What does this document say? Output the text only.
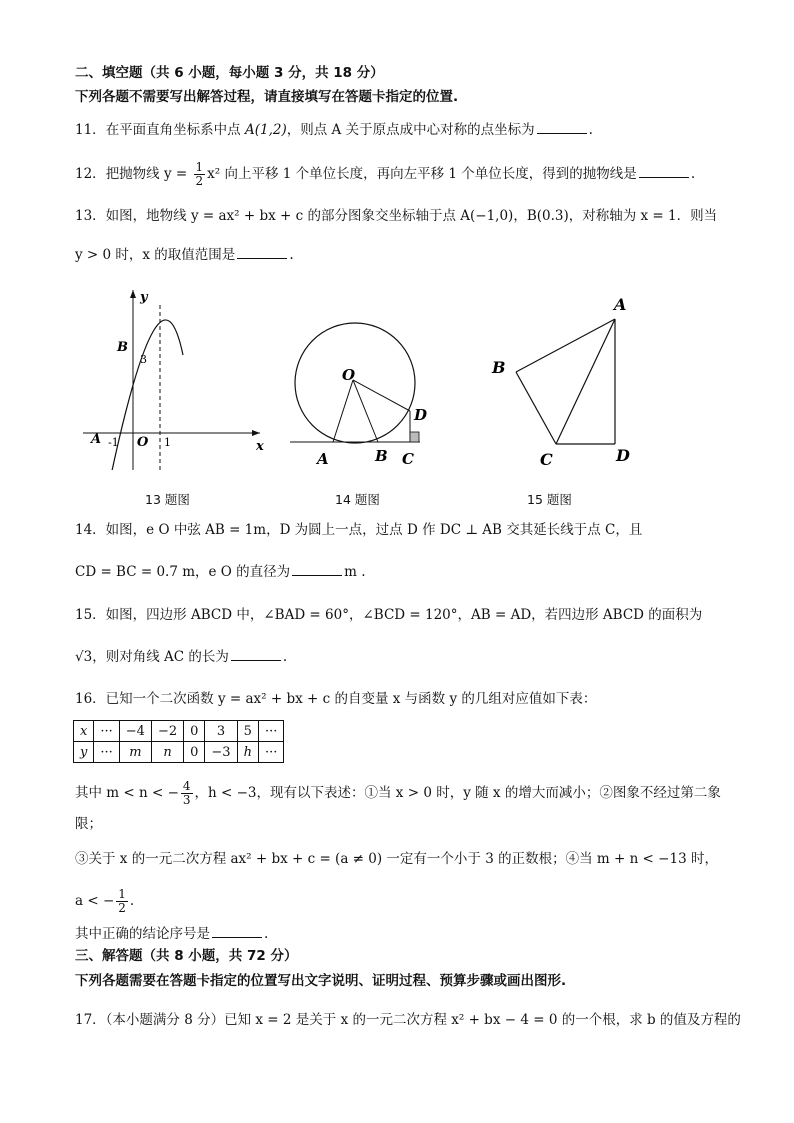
二、填空题（共 6 小题，每小题 3 分，共 18 分）
下列各题不需要写出解答过程，请直接填写在答题卡指定的位置.
11．在平面直角坐标系中点 A(1,2)，则点 A 关于原点成中心对称的点坐标为	.
12．把抛物线 $y = \frac{1}{2} x^2$ 向上平移 1 个单位长度，再向左平移 1 个单位长度，得到的抛物线是	.
13．如图，地物线 y = ax² + bx + c 的部分图象交坐标轴于点 A(−1,0)，B(0.3)，对称轴为 x = 1．则当
y > 0 时，x 的取值范围是	.
y
x
B
3
A -1 O 1
13 题图
O
A	B C
D
14 题图
A
B
C	D
15 题图
14．如图，e O 中弦 AB = 1m，D 为圆上一点，过点 D 作 DC ⊥ AB 交其延长线于点 C，且
CD = BC = 0.7 m，e O 的直径为	m .
15．如图，四边形 ABCD 中，∠BAD = 60°，∠BCD = 120°，AB = AD，若四边形 ABCD 的面积为
√3，则对角线 AC 的长为	.
16．已知一个二次函数 y = ax² + bx + c 的自变量 x 与函数 y 的几组对应值如下表：
x	···	−4	−2	0	3	5	···
y	···	m	n	0	−3	h	···
其中 m < n < − $\frac{4}{3}$ ，h < −3，现有以下表述：①当 x > 0 时，y 随 x 的增大而减小；②图象不经过第二象
限；
③关于 x 的一元二次方程 ax² + bx + c = (a ≠ 0) 一定有一个小于 3 的正数根；④当 m + n < −13 时，
a < − $\frac{1}{2}$ .
其中正确的结论序号是	.
三、解答题（共 8 小题，共 72 分）
下列各题需要在答题卡指定的位置写出文字说明、证明过程、预算步骤或画出图形.
17．（本小题满分 8 分）已知 x = 2 是关于 x 的一元二次方程 x² + bx − 4 = 0 的一个根，求 b 的值及方程的
